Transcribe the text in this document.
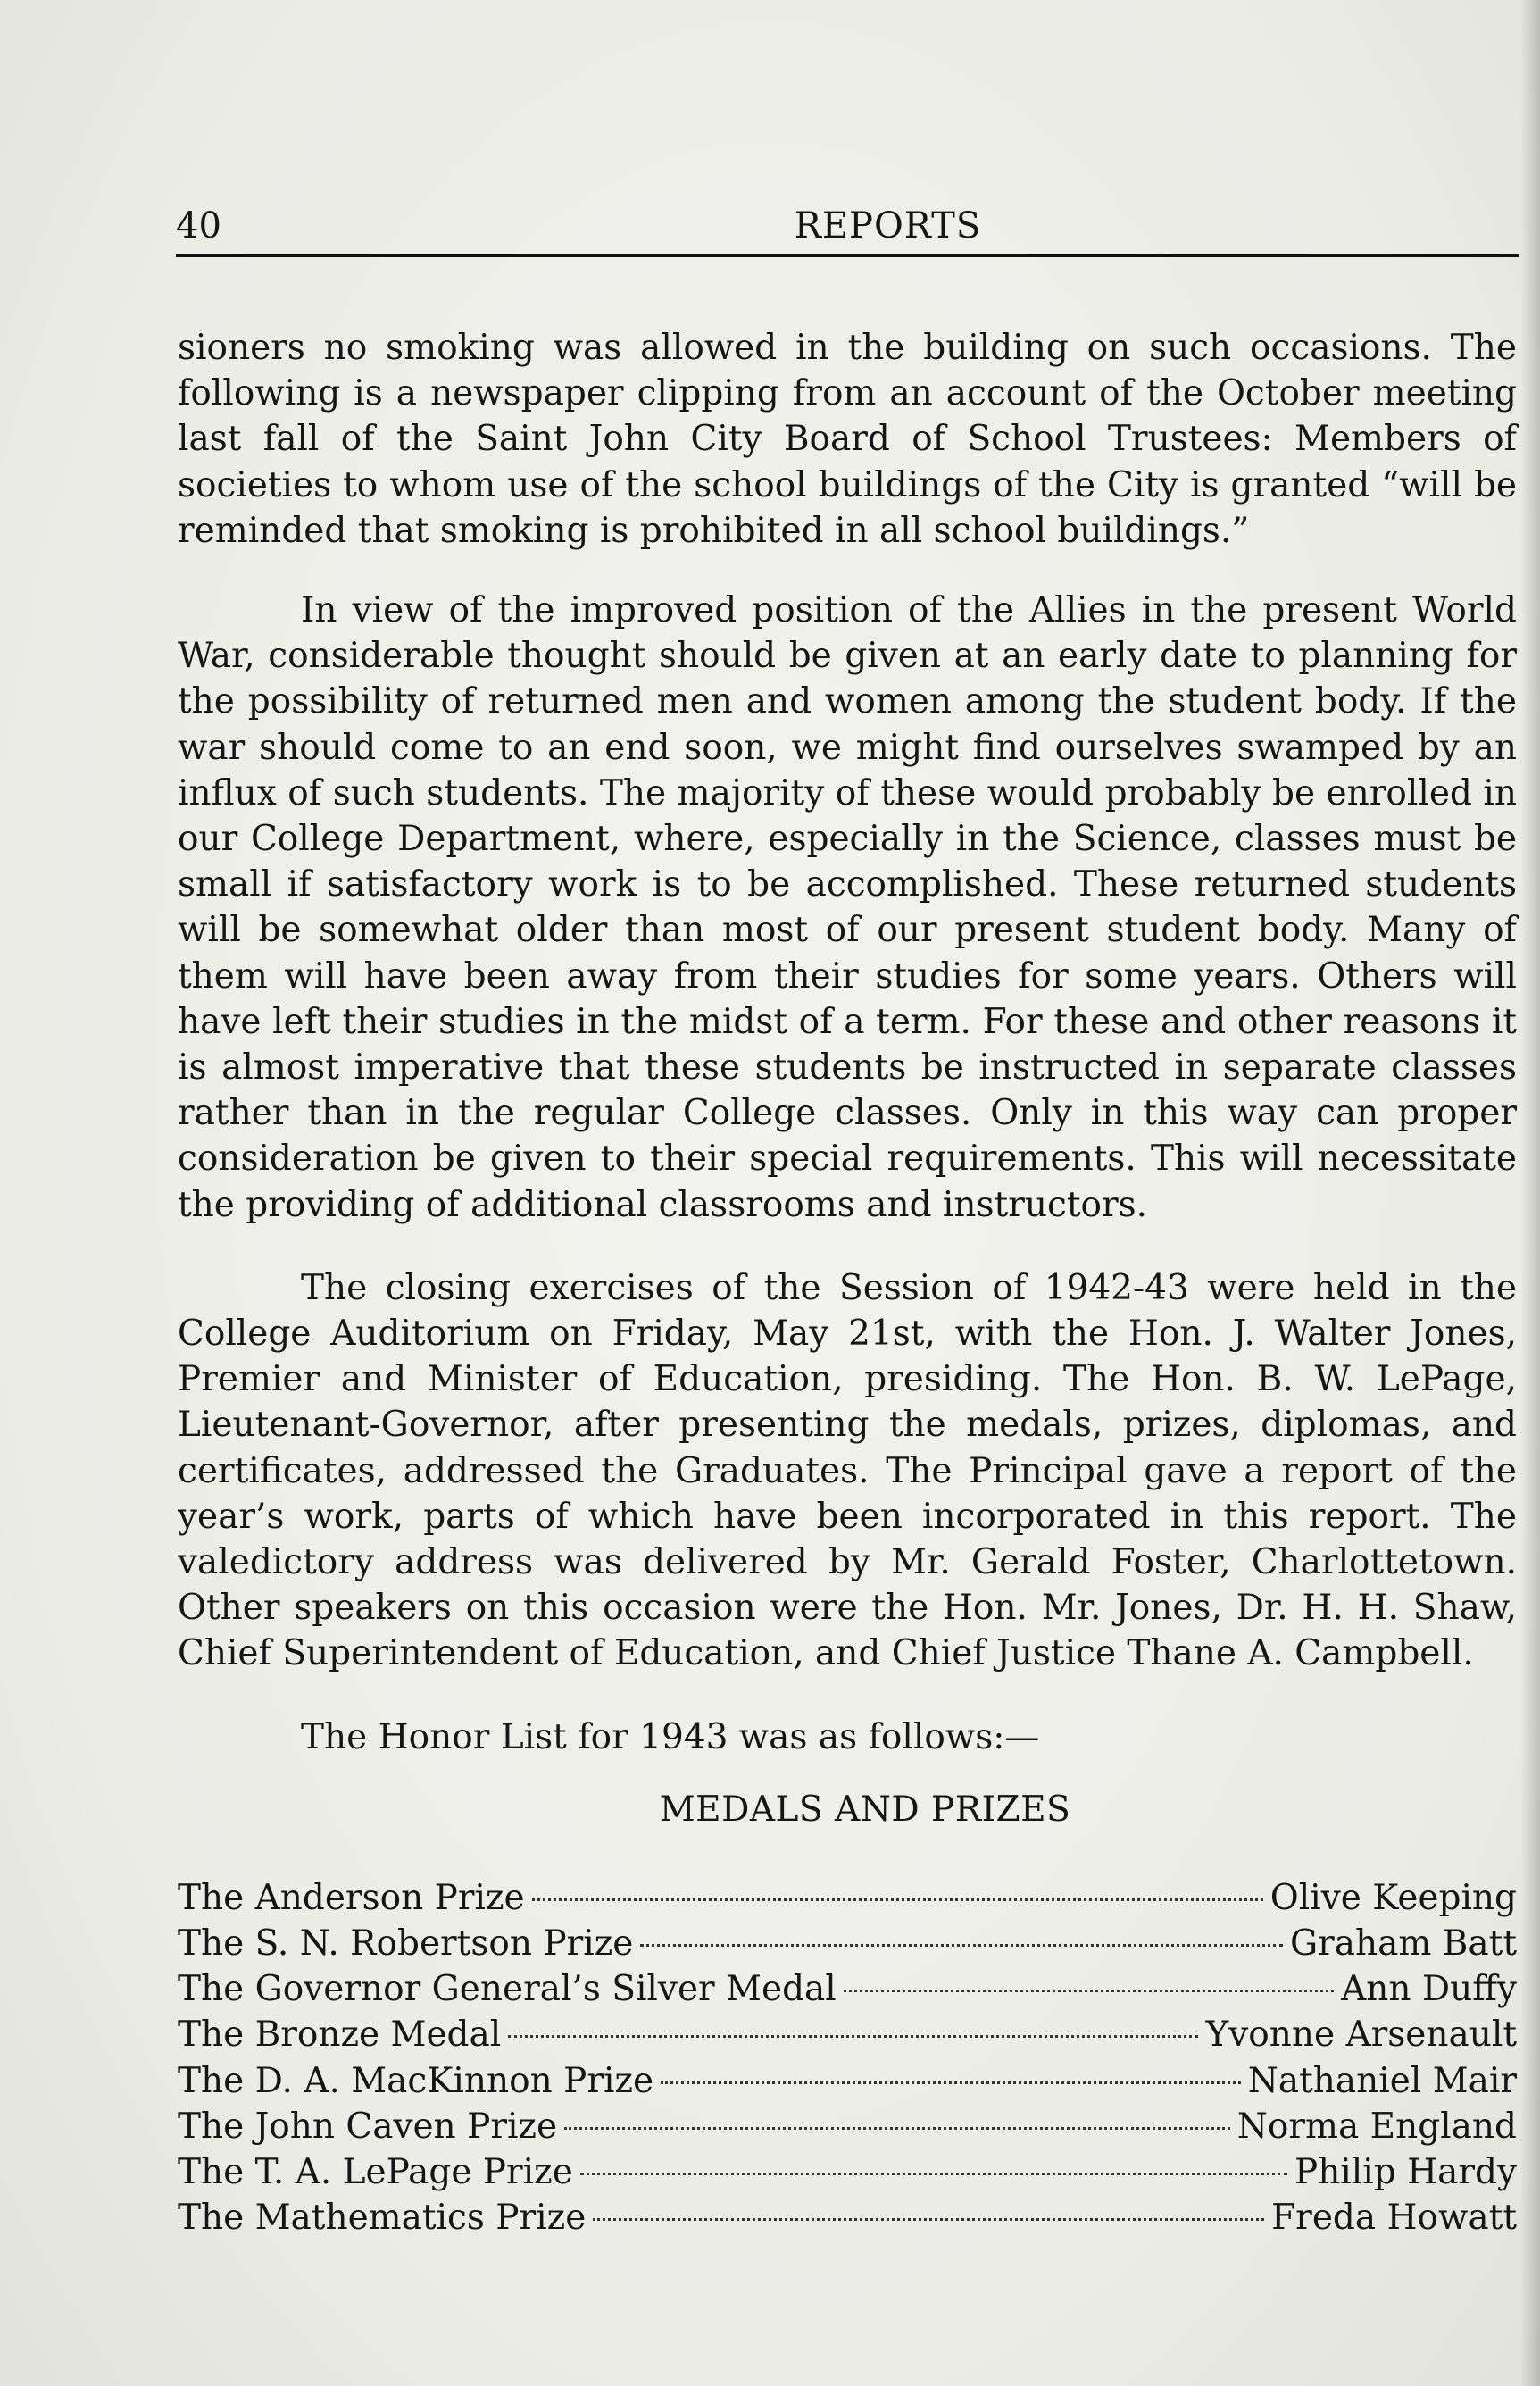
40	REPORTS

sioners no smoking was allowed in the building on such occasions. The following is a newspaper clipping from an account of the October meeting last fall of the Saint John City Board of School Trustees: Members of societies to whom use of the school buildings of the City is granted “will be reminded that smoking is prohibited in all school buildings.”

In view of the improved position of the Allies in the present World War, considerable thought should be given at an early date to planning for the possibility of returned men and women among the student body. If the war should come to an end soon, we might find ourselves swamped by an influx of such students. The majority of these would probably be enrolled in our College Department, where, especially in the Science, classes must be small if satisfactory work is to be accomplished. These returned students will be somewhat older than most of our present student body. Many of them will have been away from their studies for some years. Others will have left their studies in the midst of a term. For these and other reasons it is almost imperative that these students be instructed in separate classes rather than in the regular College classes. Only in this way can proper consideration be given to their special requirements. This will necessitate the providing of additional classrooms and instructors.

The closing exercises of the Session of 1942-43 were held in the College Auditorium on Friday, May 21st, with the Hon. J. Walter Jones, Premier and Minister of Education, presiding. The Hon. B. W. LePage, Lieutenant-Governor, after presenting the medals, prizes, diplomas, and certificates, addressed the Graduates. The Principal gave a report of the year’s work, parts of which have been incorporated in this report. The valedictory address was delivered by Mr. Gerald Foster, Charlottetown. Other speakers on this occasion were the Hon. Mr. Jones, Dr. H. H. Shaw, Chief Superintendent of Education, and Chief Justice Thane A. Campbell.

The Honor List for 1943 was as follows:—

MEDALS AND PRIZES
The Anderson Prize	Olive Keeping
The S. N. Robertson Prize	Graham Batt
The Governor General’s Silver Medal	Ann Duffy
The Bronze Medal	Yvonne Arsenault
The D. A. MacKinnon Prize	Nathaniel Mair
The John Caven Prize	Norma England
The T. A. LePage Prize	Philip Hardy
The Mathematics Prize	Freda Howatt
